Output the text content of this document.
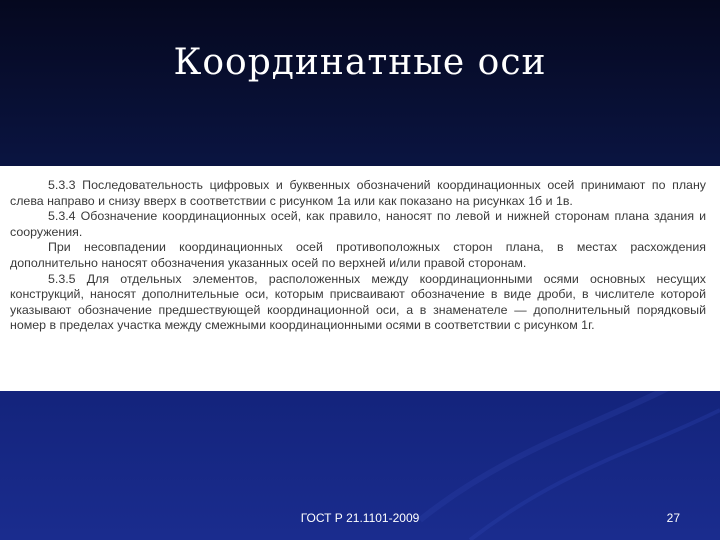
Координатные оси

5.3.3 Последовательность цифровых и буквенных обозначений координационных осей принимают по плану слева направо и снизу вверх в соответствии с рисунком 1а или как показано на рисунках 1б и 1в.

5.3.4 Обозначение координационных осей, как правило, наносят по левой и нижней сторонам плана здания и сооружения.

При несовпадении координационных осей противоположных сторон плана, в местах расхождения дополнительно наносят обозначения указанных осей по верхней и/или правой сторонам.

5.3.5 Для отдельных элементов, расположенных между координационными осями основных несущих конструкций, наносят дополнительные оси, которым присваивают обозначение в виде дроби, в числителе которой указывают обозначение предшествующей координационной оси, а в знаменателе — дополнительный порядковый номер в пределах участка между смежными координационными осями в соответствии с рисунком 1г.

ГОСТ Р 21.1101-2009	27
